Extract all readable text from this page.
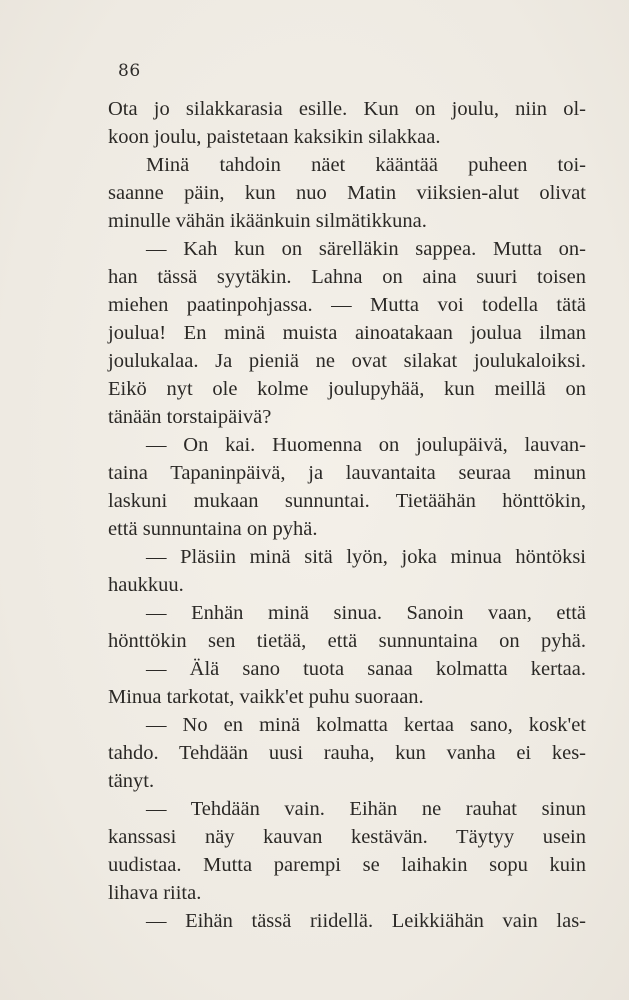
86
Ota jo silakkarasia esille. Kun on joulu, niin ol-
koon joulu, paistetaan kaksikin silakkaa.
Minä tahdoin näet kääntää puheen toi-
saanne päin, kun nuo Matin viiksien-alut olivat
minulle vähän ikäänkuin silmätikkuna.
— Kah kun on särelläkin sappea. Mutta on-
han tässä syytäkin. Lahna on aina suuri toisen
miehen paatinpohjassa. — Mutta voi todella tätä
joulua! En minä muista ainoatakaan joulua ilman
joulukalaa. Ja pieniä ne ovat silakat joulukaloiksi.
Eikö nyt ole kolme joulupyhää, kun meillä on
tänään torstaipäivä?
— On kai. Huomenna on joulupäivä, lauvan-
taina Tapaninpäivä, ja lauvantaita seuraa minun
laskuni mukaan sunnuntai. Tietäähän hönttökin,
että sunnuntaina on pyhä.
— Pläsiin minä sitä lyön, joka minua höntöksi
haukkuu.
— Enhän minä sinua. Sanoin vaan, että
hönttökin sen tietää, että sunnuntaina on pyhä.
— Älä sano tuota sanaa kolmatta kertaa.
Minua tarkotat, vaikk'et puhu suoraan.
— No en minä kolmatta kertaa sano, kosk'et
tahdo. Tehdään uusi rauha, kun vanha ei kes-
tänyt.
— Tehdään vain. Eihän ne rauhat sinun
kanssasi näy kauvan kestävän. Täytyy usein
uudistaa. Mutta parempi se laihakin sopu kuin
lihava riita.
— Eihän tässä riidellä. Leikkiähän vain las-
